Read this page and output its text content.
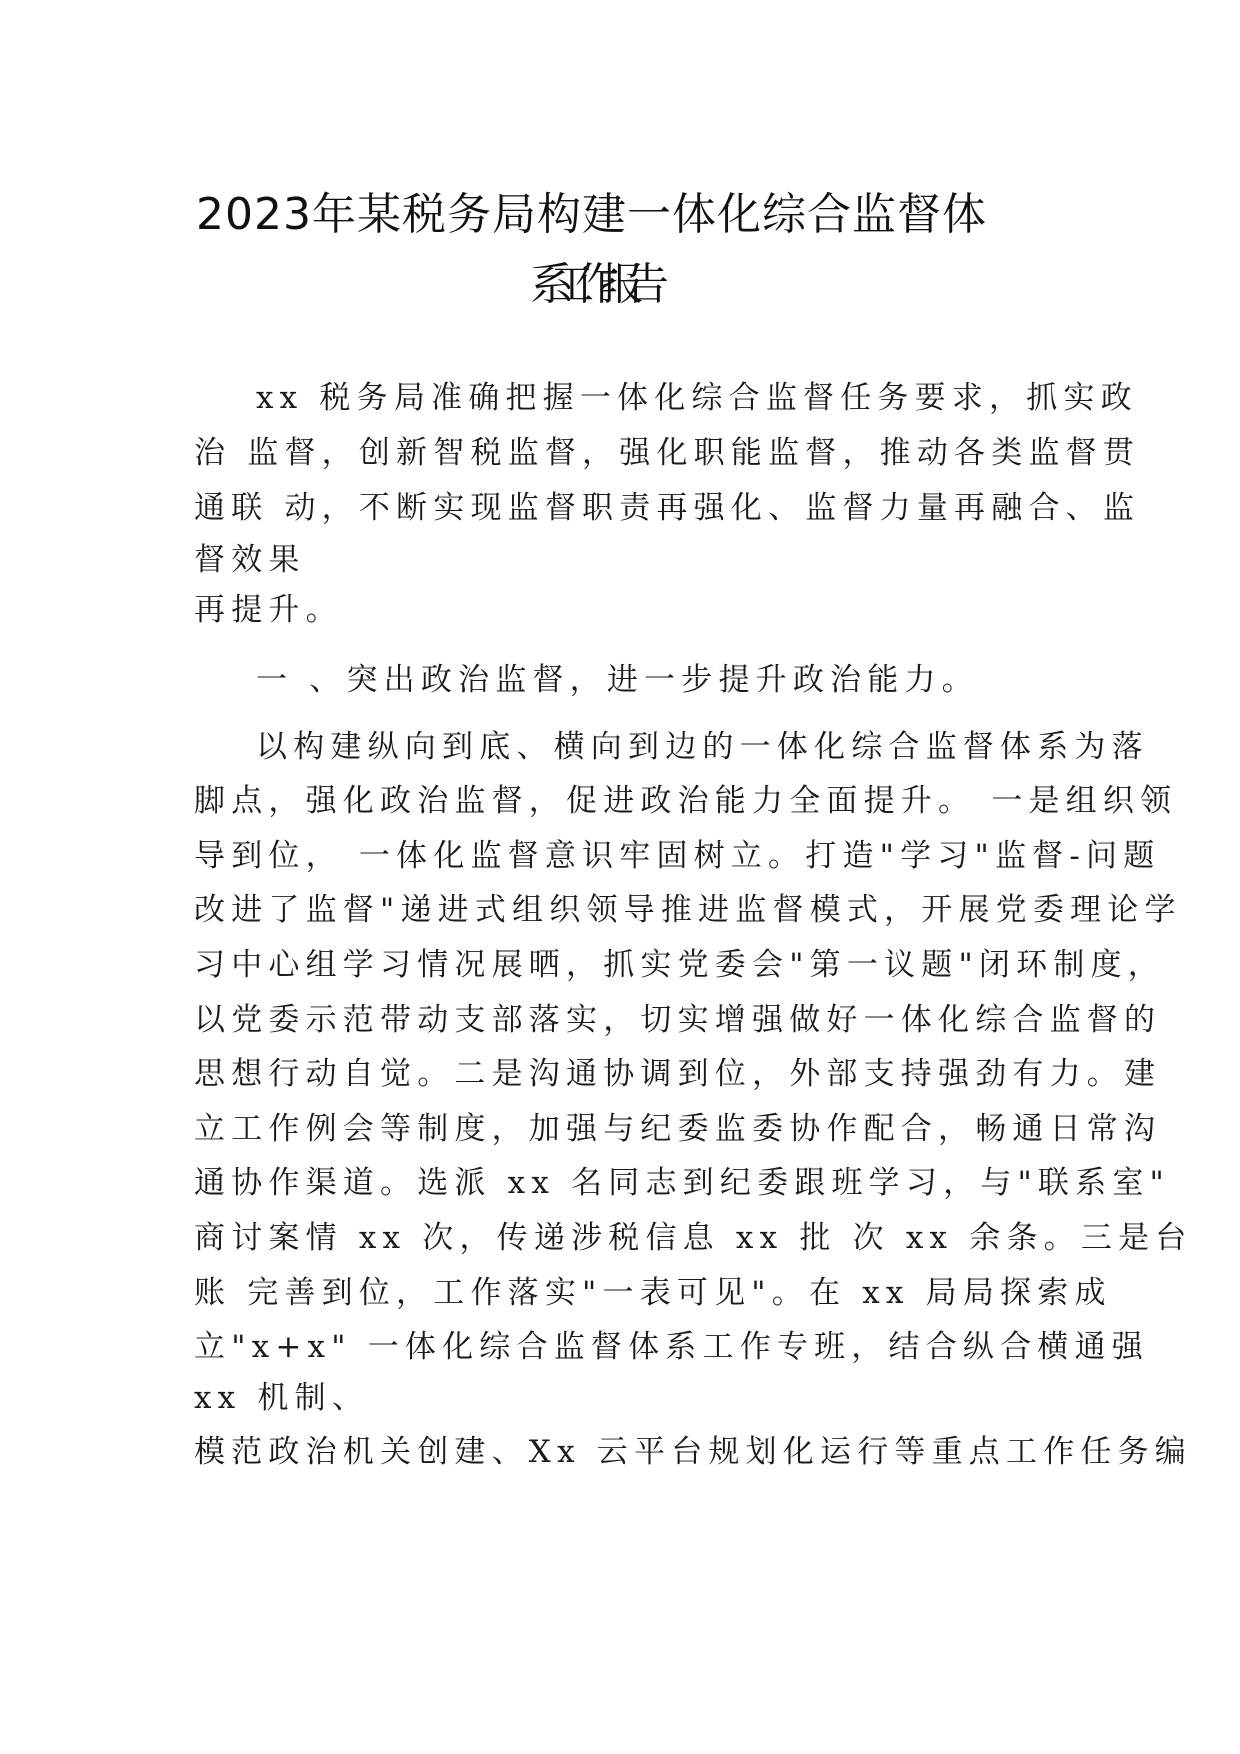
2023年某税务局构建一体化综合监督体
系 工作报告
xx 税务局准确把握一体化综合监督任务要求，抓实政
治 监督，创新智税监督，强化职能监督，推动各类监督贯
通联 动，不断实现监督职责再强化、监督力量再融合、监
督效果
再提升。
一 、突出政治监督，进一步提升政治能力。
以构建纵向到底、横向到边的一体化综合监督体系为落
脚点，强化政治监督，促进政治能力全面提升。 一是组织领
导到位， 一体化监督意识牢固树立。打造"学习"监督-问题
改进了监督"递进式组织领导推进监督模式，开展党委理论学
习中心组学习情况展晒，抓实党委会"第一议题"闭环制度，
以党委示范带动支部落实，切实增强做好一体化综合监督的
思想行动自觉。二是沟通协调到位，外部支持强劲有力。建
立工作例会等制度，加强与纪委监委协作配合，畅通日常沟
通协作渠道。选派 xx 名同志到纪委跟班学习，与"联系室"
商讨案情 xx 次，传递涉税信息 xx 批 次 xx 余条。三是台
账 完善到位，工作落实"一表可见"。在 xx 局局探索成
立"x+x" 一体化综合监督体系工作专班，结合纵合横通强
xx 机制、
模范政治机关创建、Xx 云平台规划化运行等重点工作任务编
